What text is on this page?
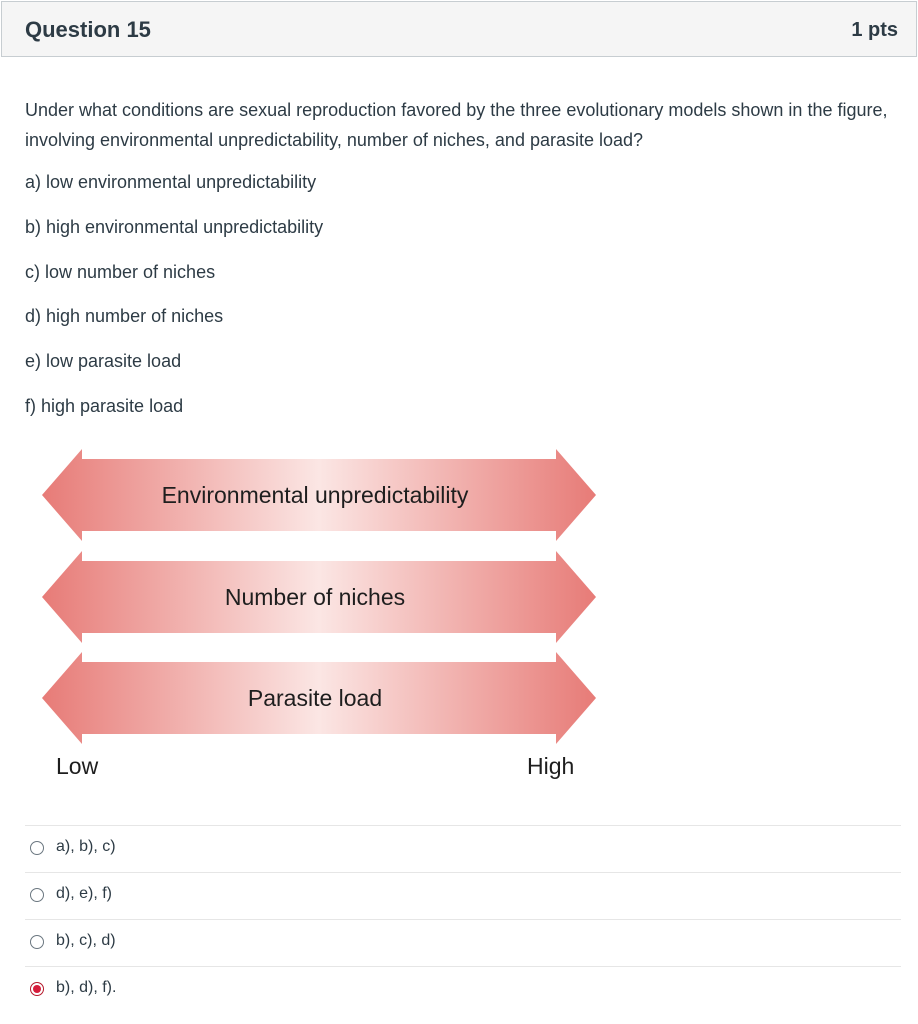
Question 15	1 pts
Under what conditions are sexual reproduction favored by the three evolutionary models shown in the figure, involving environmental unpredictability, number of niches, and parasite load?
a) low environmental unpredictability
b) high environmental unpredictability
c) low number of niches
d) high number of niches
e) low parasite load
f) high parasite load
Environmental unpredictability
Number of niches
Parasite load
Low	High
a), b), c)
d), e), f)
b), c), d)
b), d), f).
